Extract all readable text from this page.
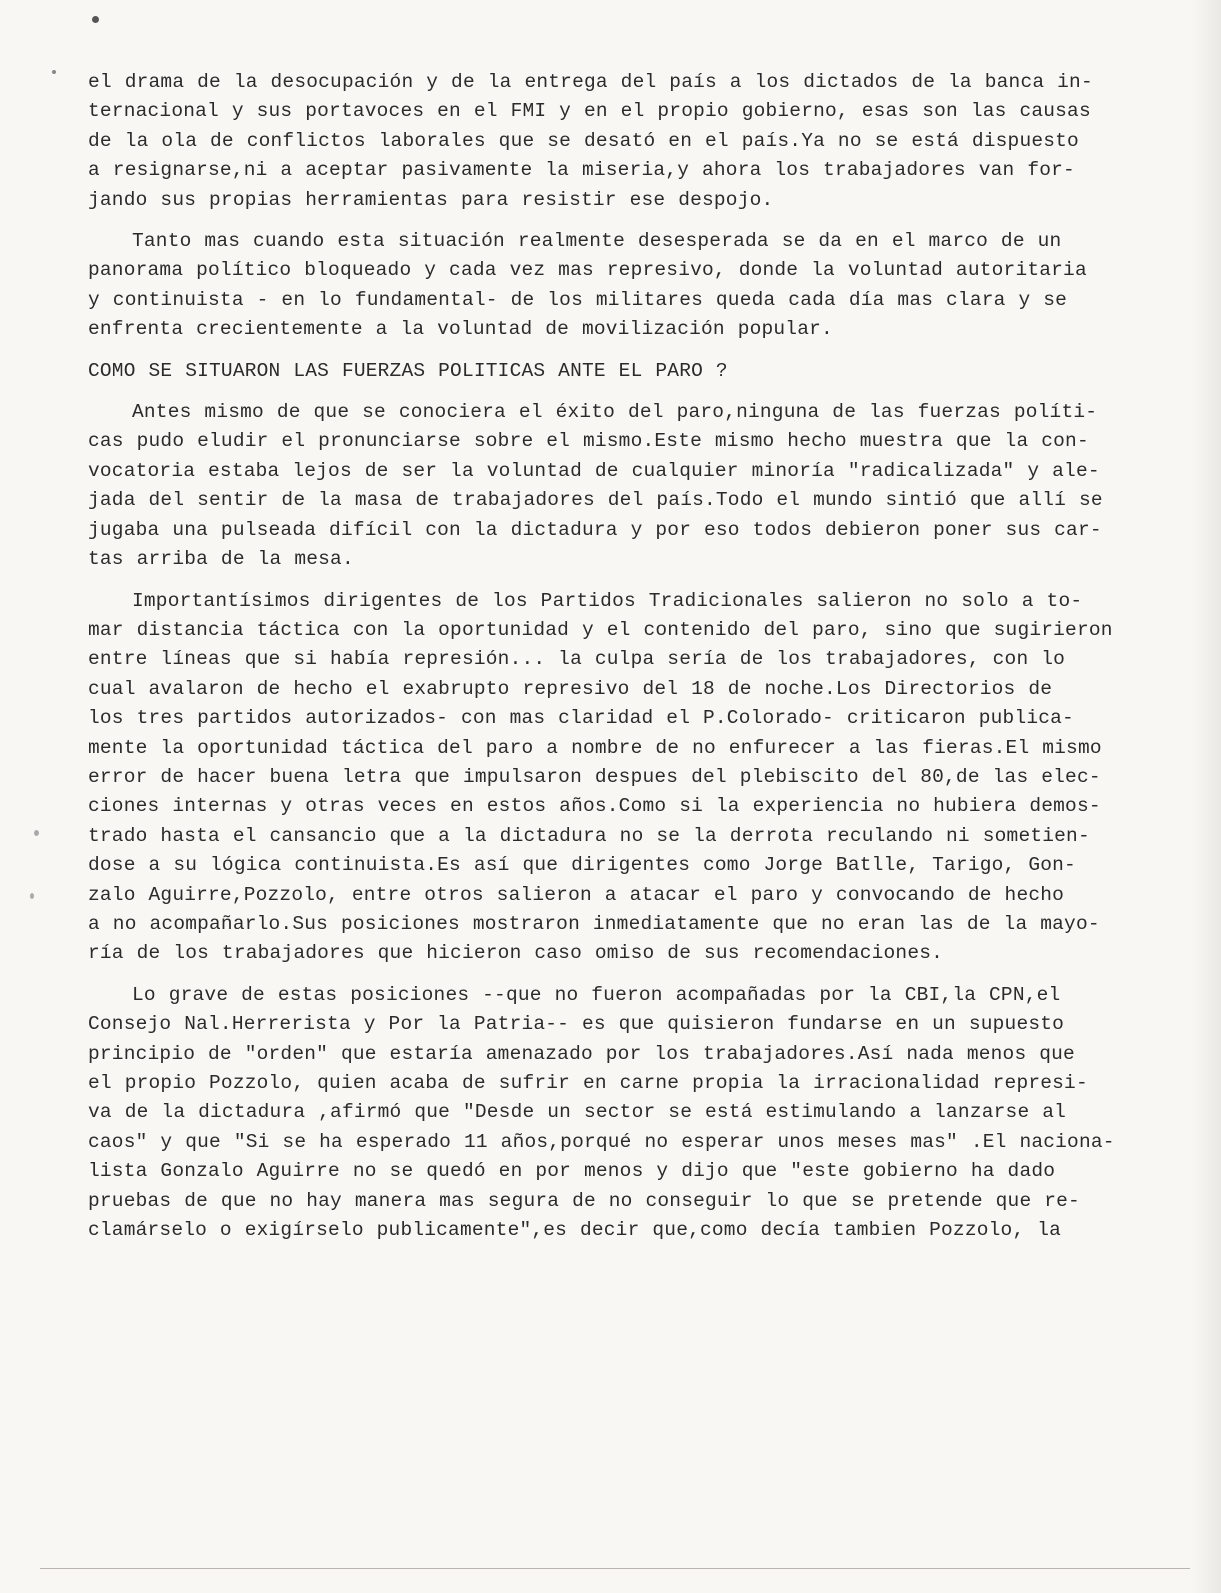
el drama de la desocupación y de la entrega del país a los dictados de la banca in-
ternacional y sus portavoces en el FMI y en el propio gobierno, esas son las causas
de la ola de conflictos laborales que se desató en el país.Ya no se está dispuesto
a resignarse,ni a aceptar pasivamente la miseria,y ahora los trabajadores van for-
jando sus propias herramientas para resistir ese despojo.

Tanto mas cuando esta situación realmente desesperada se da en el marco de un
panorama político bloqueado y cada vez mas represivo, donde la voluntad autoritaria
y continuista - en lo fundamental- de los militares queda cada día mas clara y se
enfrenta crecientemente a la voluntad de movilización popular.

COMO SE SITUARON LAS FUERZAS POLITICAS ANTE EL PARO ?

Antes mismo de que se conociera el éxito del paro,ninguna de las fuerzas políti-
cas pudo eludir el pronunciarse sobre el mismo.Este mismo hecho muestra que la con-
vocatoria estaba lejos de ser la voluntad de cualquier minoría "radicalizada" y ale-
jada del sentir de la masa de trabajadores del país.Todo el mundo sintió que allí se
jugaba una pulseada difícil con la dictadura y por eso todos debieron poner sus car-
tas arriba de la mesa.

Importantísimos dirigentes de los Partidos Tradicionales salieron no solo a to-
mar distancia táctica con la oportunidad y el contenido del paro, sino que sugirieron
entre líneas que si había represión... la culpa sería de los trabajadores, con lo
cual avalaron de hecho el exabrupto represivo del 18 de noche.Los Directorios de
los tres partidos autorizados- con mas claridad el P.Colorado- criticaron publica-
mente la oportunidad táctica del paro a nombre de no enfurecer a las fieras.El mismo
error de hacer buena letra que impulsaron despues del plebiscito del 80,de las elec-
ciones internas y otras veces en estos años.Como si la experiencia no hubiera demos-
trado hasta el cansancio que a la dictadura no se la derrota reculando ni sometien-
dose a su lógica continuista.Es así que dirigentes como Jorge Batlle, Tarigo, Gon-
zalo Aguirre,Pozzolo, entre otros salieron a atacar el paro y convocando de hecho
a no acompañarlo.Sus posiciones mostraron inmediatamente que no eran las de la mayo-
ría de los trabajadores que hicieron caso omiso de sus recomendaciones.

Lo grave de estas posiciones --que no fueron acompañadas por la CBI,la CPN,el
Consejo Nal.Herrerista y Por la Patria-- es que quisieron fundarse en un supuesto
principio de "orden" que estaría amenazado por los trabajadores.Así nada menos que
el propio Pozzolo, quien acaba de sufrir en carne propia la irracionalidad represi-
va de la dictadura ,afirmó que "Desde un sector se está estimulando a lanzarse al
caos" y que "Si se ha esperado 11 años,porqué no esperar unos meses mas" .El naciona-
lista Gonzalo Aguirre no se quedó en por menos y dijo que "este gobierno ha dado
pruebas de que no hay manera mas segura de no conseguir lo que se pretende que re-
clamárselo o exigírselo publicamente",es decir que,como decía tambien Pozzolo, la
